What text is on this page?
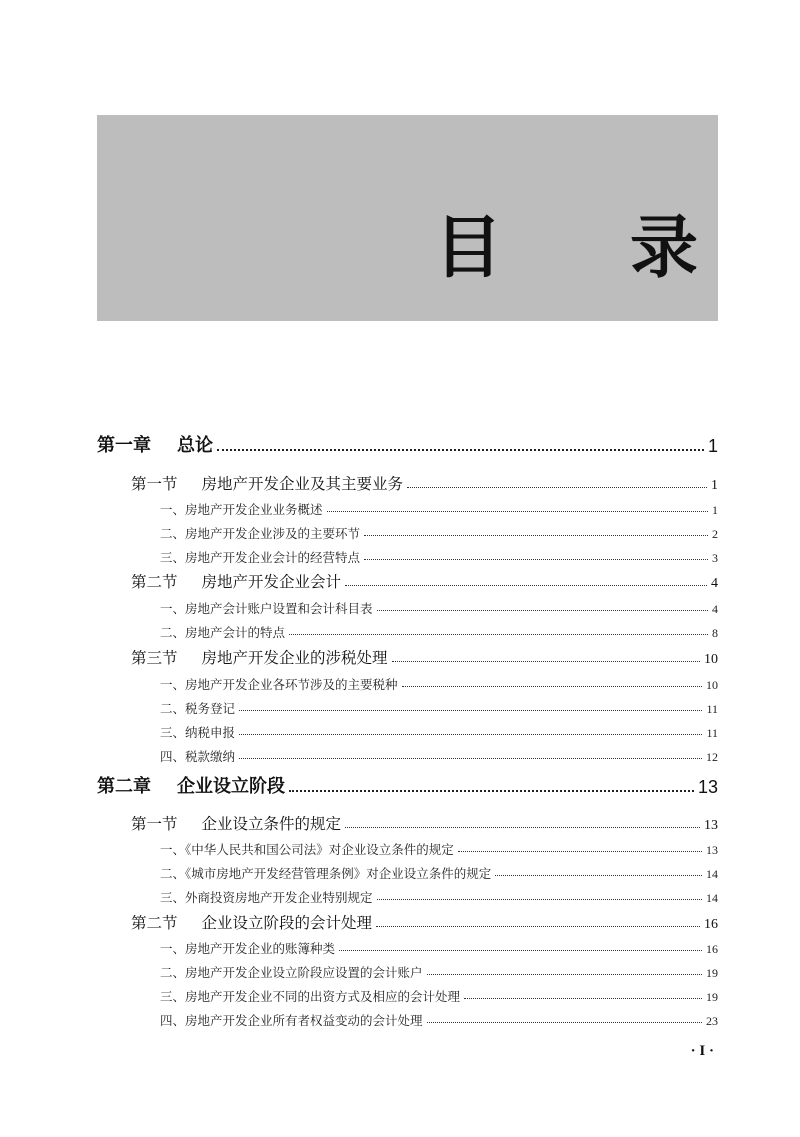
目 录
第一章 总论	1
第一节 房地产开发企业及其主要业务	1
一、房地产开发企业业务概述	1
二、房地产开发企业涉及的主要环节	2
三、房地产开发企业会计的经营特点	3
第二节 房地产开发企业会计	4
一、房地产会计账户设置和会计科目表	4
二、房地产会计的特点	8
第三节 房地产开发企业的涉税处理	10
一、房地产开发企业各环节涉及的主要税种	10
二、税务登记	11
三、纳税申报	11
四、税款缴纳	12
第二章 企业设立阶段	13
第一节 企业设立条件的规定	13
一、《中华人民共和国公司法》对企业设立条件的规定	13
二、《城市房地产开发经营管理条例》对企业设立条件的规定	14
三、外商投资房地产开发企业特别规定	14
第二节 企业设立阶段的会计处理	16
一、房地产开发企业的账簿种类	16
二、房地产开发企业设立阶段应设置的会计账户	19
三、房地产开发企业不同的出资方式及相应的会计处理	19
四、房地产开发企业所有者权益变动的会计处理	23
· I ·
